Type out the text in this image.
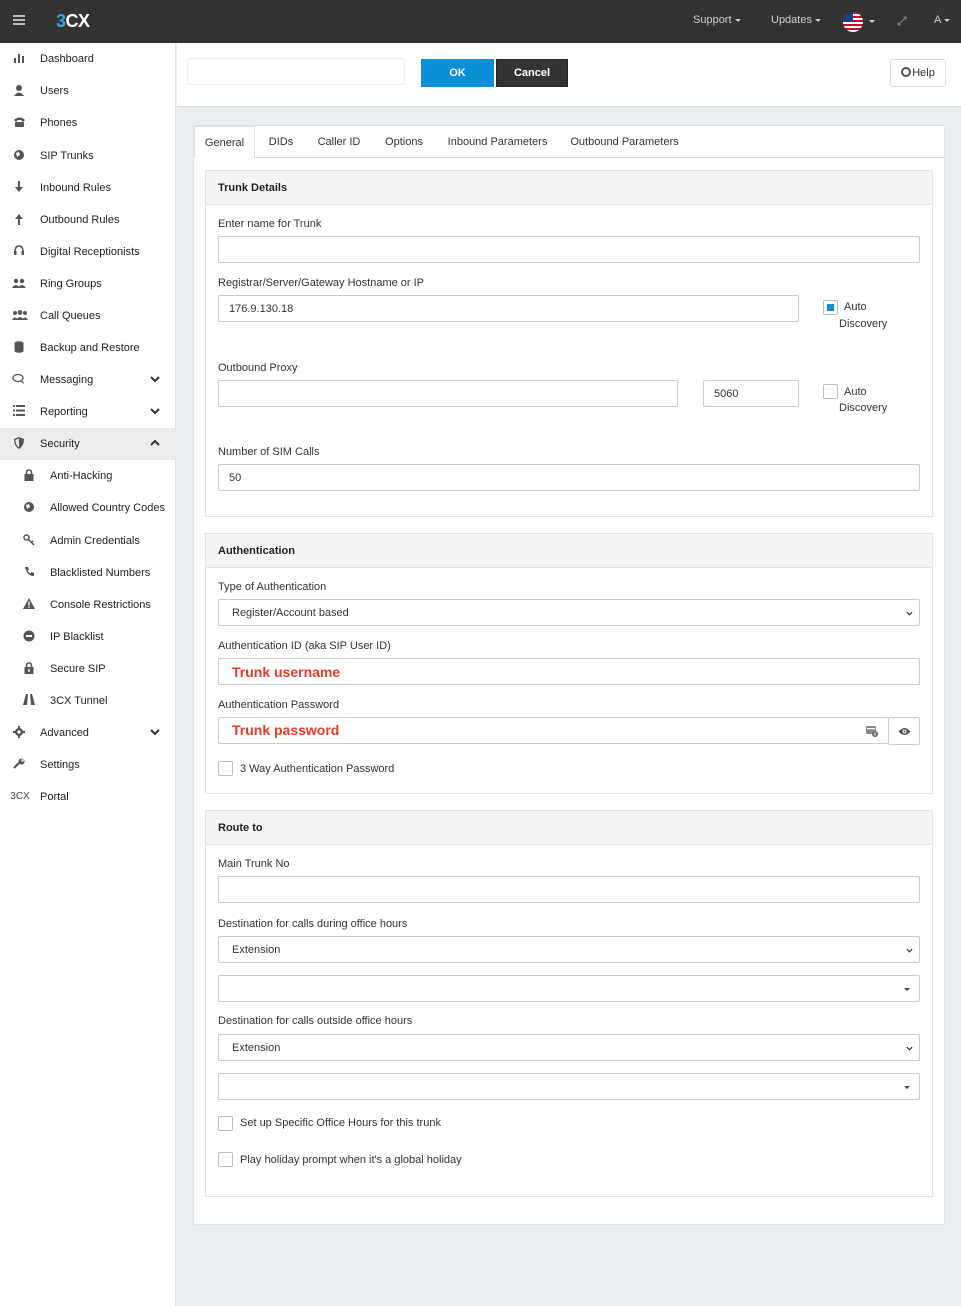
3CX	Support	Updates	⤢ A
Dashboard
Users
Phones
SIP Trunks
Inbound Rules
Outbound Rules
Digital Receptionists
Ring Groups
Call Queues
Backup and Restore
Messaging
Reporting
Security
Anti-Hacking
Allowed Country Codes
Admin Credentials
Blacklisted Numbers
Console Restrictions
IP Blacklist
Secure SIP
3CX Tunnel
Advanced
Settings
3CX Portal
OK	Cancel	Help
General	DIDs	Caller ID	Options	Inbound Parameters	Outbound Parameters
Trunk Details
Enter name for Trunk
Registrar/Server/Gateway Hostname or IP
176.9.130.18	Auto
Discovery
Outbound Proxy
5060	Auto
Discovery
Number of SIM Calls
50
Authentication
Type of Authentication
Register/Account based
Authentication ID (aka SIP User ID)
Trunk username
Authentication Password
Trunk password
3 Way Authentication Password
Route to
Main Trunk No
Destination for calls during office hours
Extension
Destination for calls outside office hours
Extension
Set up Specific Office Hours for this trunk
Play holiday prompt when it's a global holiday
